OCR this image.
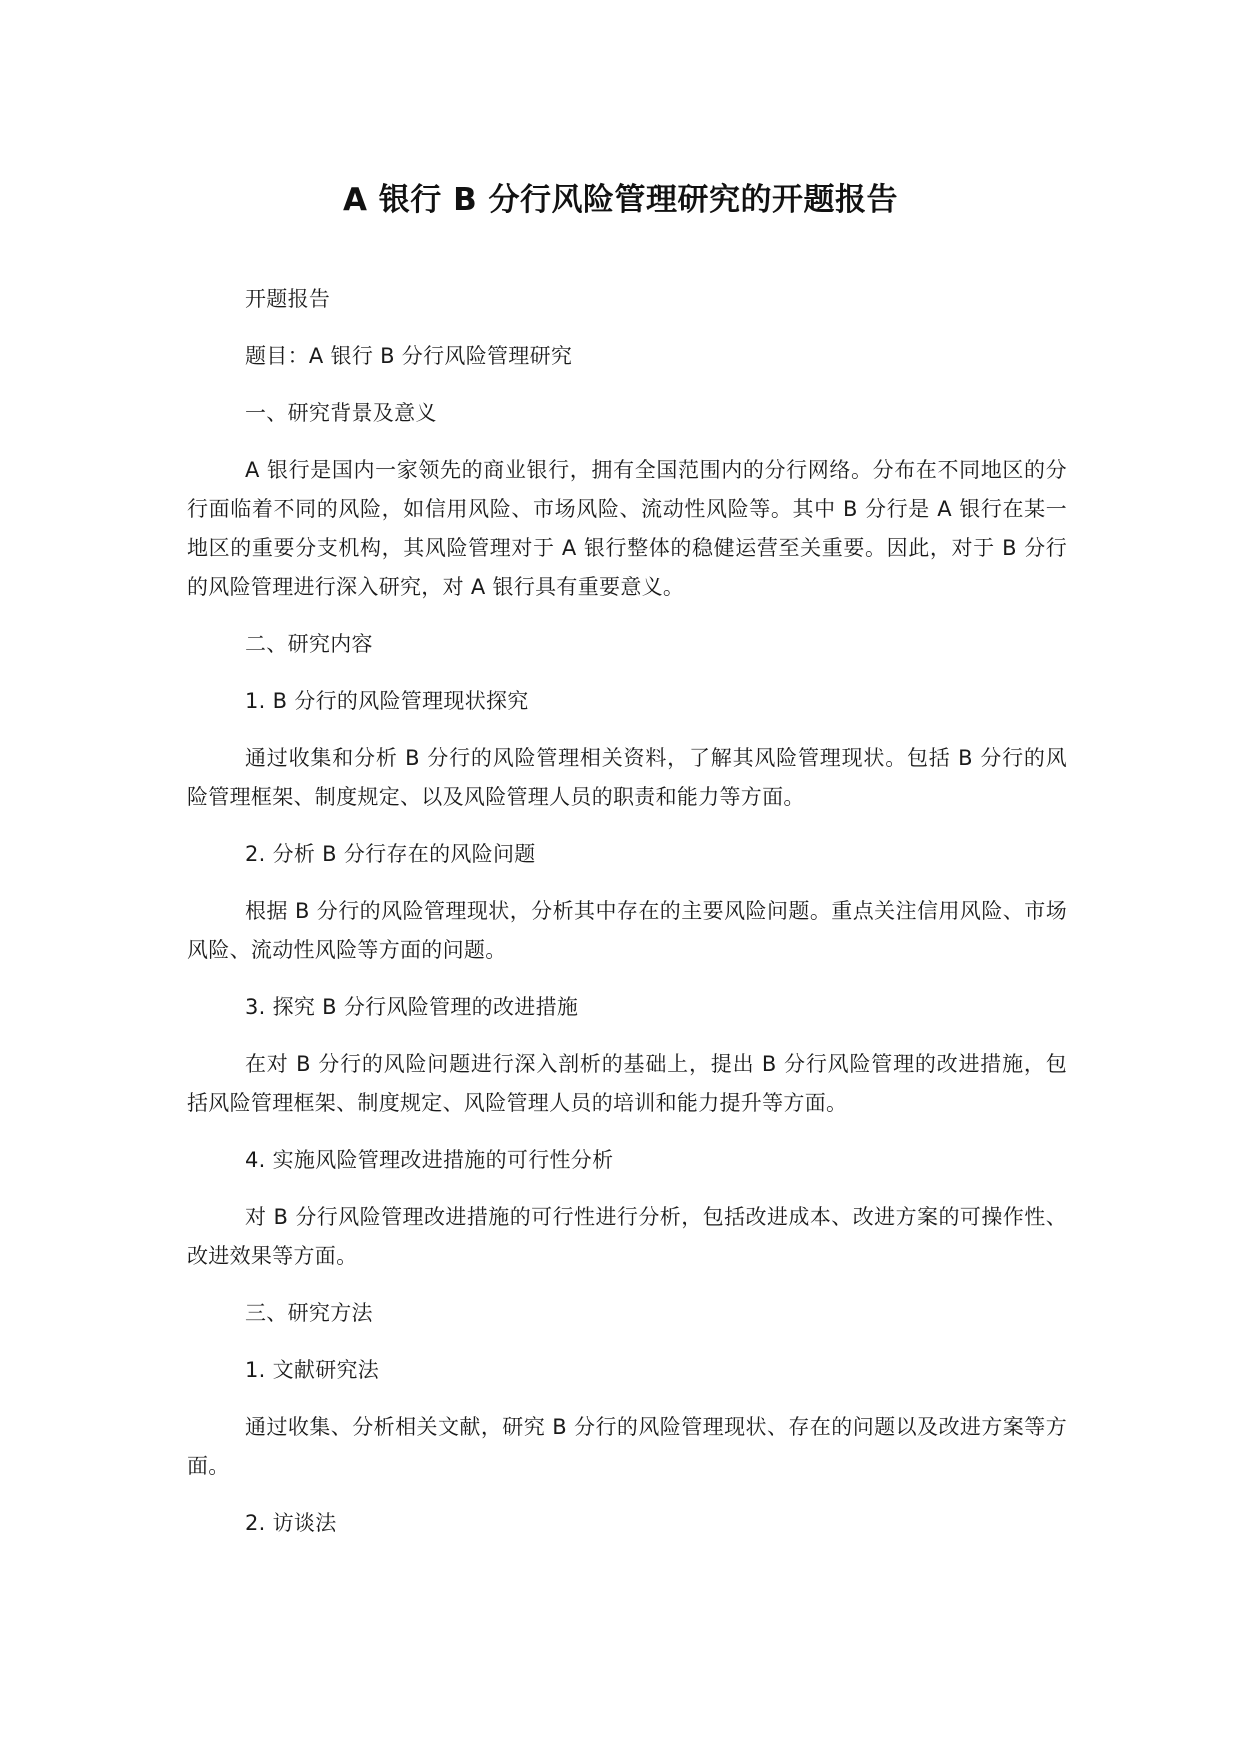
A 银行 B 分行风险管理研究的开题报告

开题报告

题目：A 银行 B 分行风险管理研究

一、研究背景及意义

A 银行是国内一家领先的商业银行，拥有全国范围内的分行网络。分布在不同地区的分行面临着不同的风险，如信用风险、市场风险、流动性风险等。其中 B 分行是 A 银行在某一地区的重要分支机构，其风险管理对于 A 银行整体的稳健运营至关重要。因此，对于 B 分行的风险管理进行深入研究，对 A 银行具有重要意义。

二、研究内容

1. B 分行的风险管理现状探究

通过收集和分析 B 分行的风险管理相关资料，了解其风险管理现状。包括 B 分行的风险管理框架、制度规定、以及风险管理人员的职责和能力等方面。

2. 分析 B 分行存在的风险问题

根据 B 分行的风险管理现状，分析其中存在的主要风险问题。重点关注信用风险、市场风险、流动性风险等方面的问题。

3. 探究 B 分行风险管理的改进措施

在对 B 分行的风险问题进行深入剖析的基础上，提出 B 分行风险管理的改进措施，包括风险管理框架、制度规定、风险管理人员的培训和能力提升等方面。

4. 实施风险管理改进措施的可行性分析

对 B 分行风险管理改进措施的可行性进行分析，包括改进成本、改进方案的可操作性、改进效果等方面。

三、研究方法

1. 文献研究法

通过收集、分析相关文献，研究 B 分行的风险管理现状、存在的问题以及改进方案等方面。

2. 访谈法
